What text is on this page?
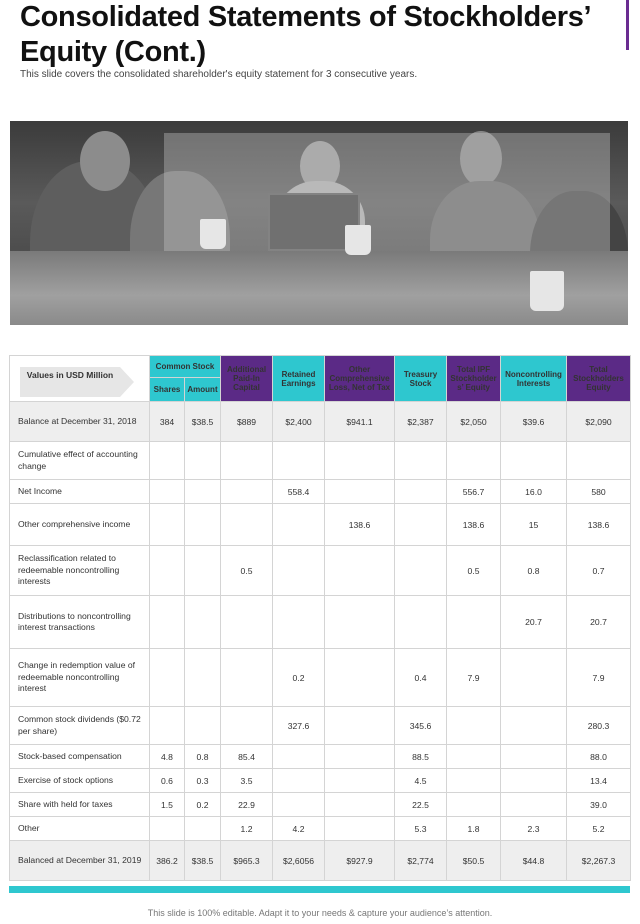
Consolidated Statements of Stockholders’ Equity (Cont.)
This slide covers the consolidated shareholder's equity statement for 3 consecutive years.
Values in USD Million	Common Stock		Additional Paid-In Capital	Retained Earnings	Other Comprehensive Loss, Net of Tax	Treasury Stock	Total IPF Stockholder s’ Equity	Noncontrolling Interests	Total Stockholders Equity
	Shares	Amount							
Balance at December 31, 2018	384	$38.5	$889	$2,400	$941.1	$2,387	$2,050	$39.6	$2,090
Cumulative effect of accounting change									
Net Income				558.4			556.7	16.0	580
Other comprehensive income					138.6		138.6	15	138.6
Reclassification related to redeemable noncontrolling interests			0.5				0.5	0.8	0.7
Distributions to noncontrolling interest transactions								20.7	20.7
Change in redemption value of redeemable noncontrolling interest				0.2		0.4	7.9		7.9
Common stock dividends ($0.72 per share)				327.6		345.6			280.3
Stock-based compensation	4.8	0.8	85.4			88.5			88.0
Exercise of stock options	0.6	0.3	3.5			4.5			13.4
Share with held for taxes	1.5	0.2	22.9			22.5			39.0
Other			1.2	4.2		5.3	1.8	2.3	5.2
Balanced at December 31, 2019	386.2	$38.5	$965.3	$2,6056	$927.9	$2,774	$50.5	$44.8	$2,267.3
This slide is 100% editable. Adapt it to your needs & capture your audience’s attention.
